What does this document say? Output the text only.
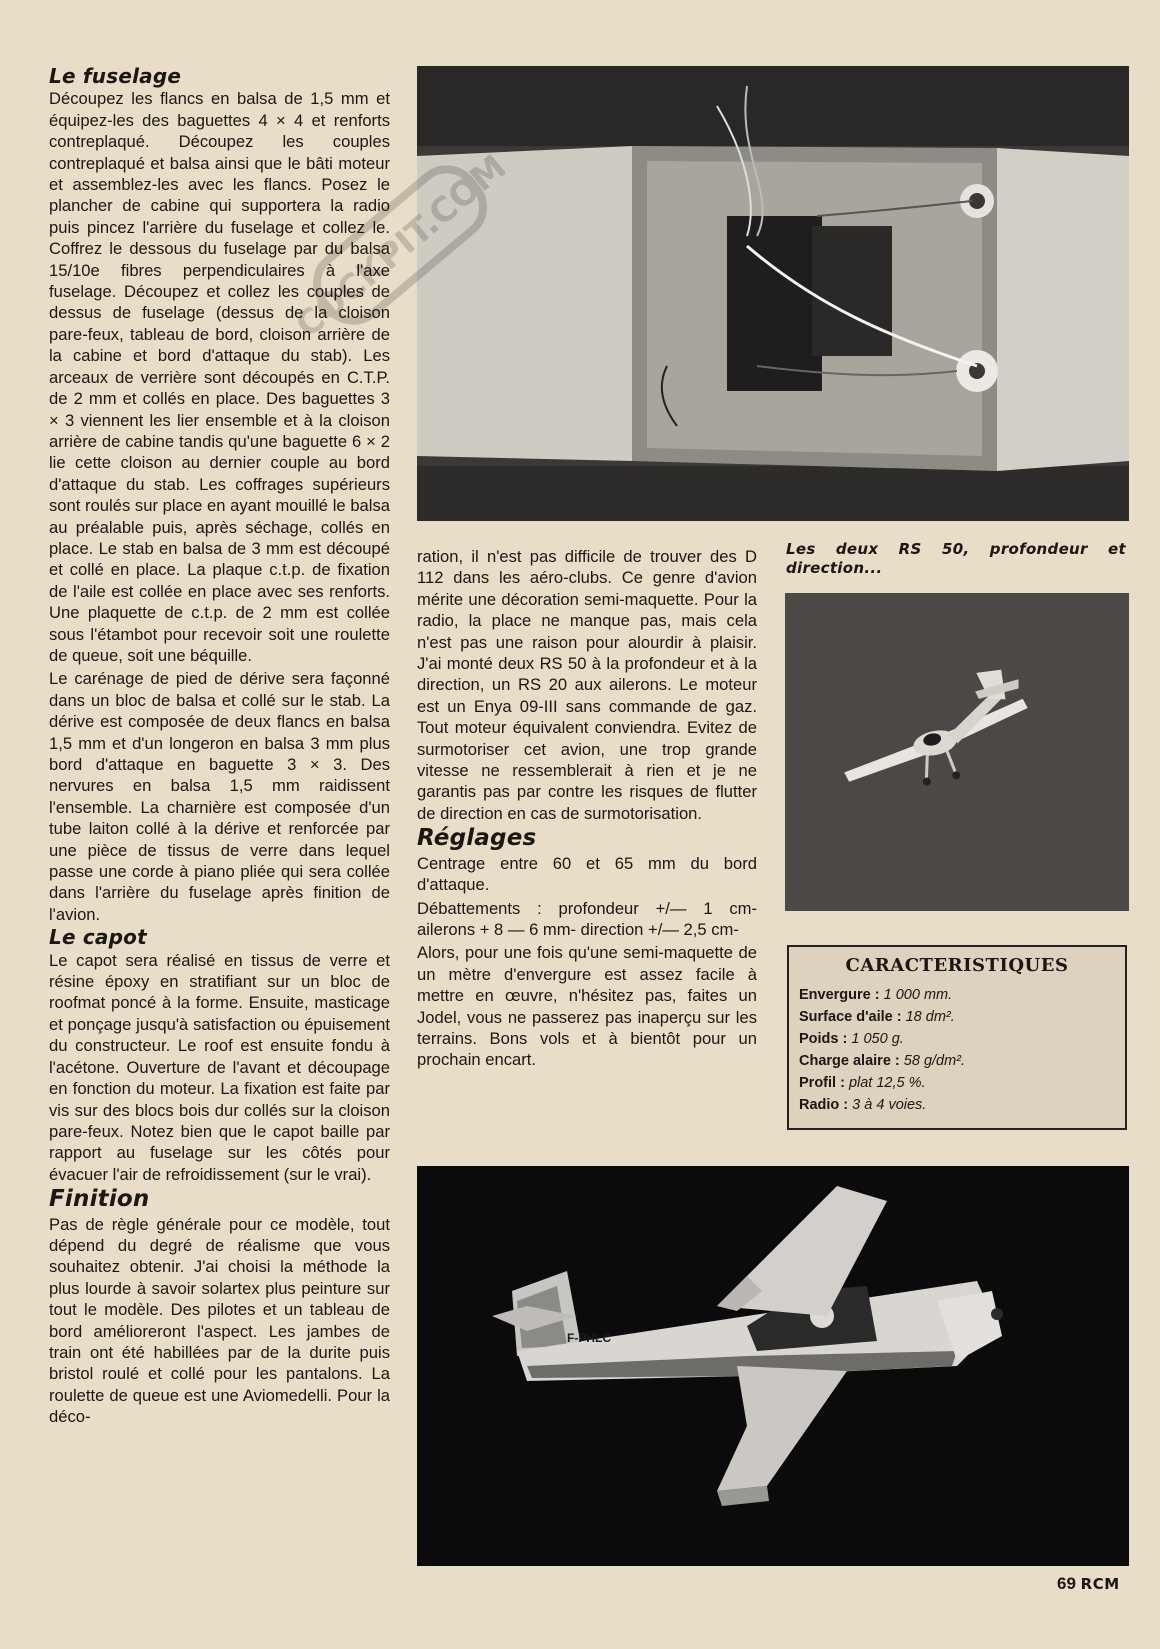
COCKPIT.COM
Le fuselage

Découpez les flancs en balsa de 1,5 mm et équipez-les des baguettes 4 × 4 et renforts contreplaqué. Découpez les couples contreplaqué et balsa ainsi que le bâti moteur et assemblez-les avec les flancs. Posez le plancher de cabine qui supportera la radio puis pincez l'arrière du fuselage et collez le. Coffrez le dessous du fuselage par du balsa 15/10e fibres perpendiculaires à l'axe fuselage. Découpez et collez les couples de dessus de fuselage (dessus de la cloison pare-feux, tableau de bord, cloison arrière de la cabine et bord d'attaque du stab). Les arceaux de verrière sont découpés en C.T.P. de 2 mm et collés en place. Des baguettes 3 × 3 viennent les lier ensemble et à la cloison arrière de cabine tandis qu'une baguette 6 × 2 lie cette cloison au dernier couple au bord d'attaque du stab. Les coffrages supérieurs sont roulés sur place en ayant mouillé le balsa au préalable puis, après séchage, collés en place. Le stab en balsa de 3 mm est découpé et collé en place. La plaque c.t.p. de fixation de l'aile est collée en place avec ses renforts. Une plaquette de c.t.p. de 2 mm est collée sous l'étambot pour recevoir soit une roulette de queue, soit une béquille.

Le carénage de pied de dérive sera façonné dans un bloc de balsa et collé sur le stab. La dérive est composée de deux flancs en balsa 1,5 mm et d'un longeron en balsa 3 mm plus bord d'attaque en baguette 3 × 3. Des nervures en balsa 1,5 mm raidissent l'ensemble. La charnière est composée d'un tube laiton collé à la dérive et renforcée par une pièce de tissus de verre dans lequel passe une corde à piano pliée qui sera collée dans l'arrière du fuselage après finition de l'avion.

Le capot

Le capot sera réalisé en tissus de verre et résine époxy en stratifiant sur un bloc de roofmat poncé à la forme. Ensuite, masticage et ponçage jusqu'à satisfaction ou épuisement du constructeur. Le roof est ensuite fondu à l'acétone. Ouverture de l'avant et découpage en fonction du moteur. La fixation est faite par vis sur des blocs bois dur collés sur la cloison pare-feux. Notez bien que le capot baille par rapport au fuselage sur les côtés pour évacuer l'air de refroidissement (sur le vrai).

Finition

Pas de règle générale pour ce modèle, tout dépend du degré de réalisme que vous souhaitez obtenir. J'ai choisi la méthode la plus lourde à savoir solartex plus peinture sur tout le modèle. Des pilotes et un tableau de bord amélioreront l'aspect. Les jambes de train ont été habillées par de la durite puis bristol roulé et collé pour les pantalons. La roulette de queue est une Aviomedelli. Pour la déco-

ration, il n'est pas difficile de trouver des D 112 dans les aéro-clubs. Ce genre d'avion mérite une décoration semi-maquette. Pour la radio, la place ne manque pas, mais cela n'est pas une raison pour alourdir à plaisir. J'ai monté deux RS 50 à la profondeur et à la direction, un RS 20 aux ailerons. Le moteur est un Enya 09-III sans commande de gaz. Tout moteur équivalent conviendra. Evitez de surmotoriser cet avion, une trop grande vitesse ne ressemblerait à rien et je ne garantis pas par contre les risques de flutter de direction en cas de surmotorisation.

Réglages

Centrage entre 60 et 65 mm du bord d'attaque.

Débattements : profondeur +/— 1 cm- ailerons + 8 — 6 mm- direction +/— 2,5 cm-

Alors, pour une fois qu'une semi-maquette de un mètre d'envergure est assez facile à mettre en œuvre, n'hésitez pas, faites un Jodel, vous ne passerez pas inaperçu sur les terrains. Bons vols et à bientôt pour un prochain encart.

Les deux RS 50, profondeur et direction...
CARACTERISTIQUES
Envergure : 1 000 mm.
Surface d'aile : 18 dm².
Poids : 1 050 g.
Charge alaire : 58 g/dm².
Profil : plat 12,5 %.
Radio : 3 à 4 voies.
F-PHLC
69 RCM
